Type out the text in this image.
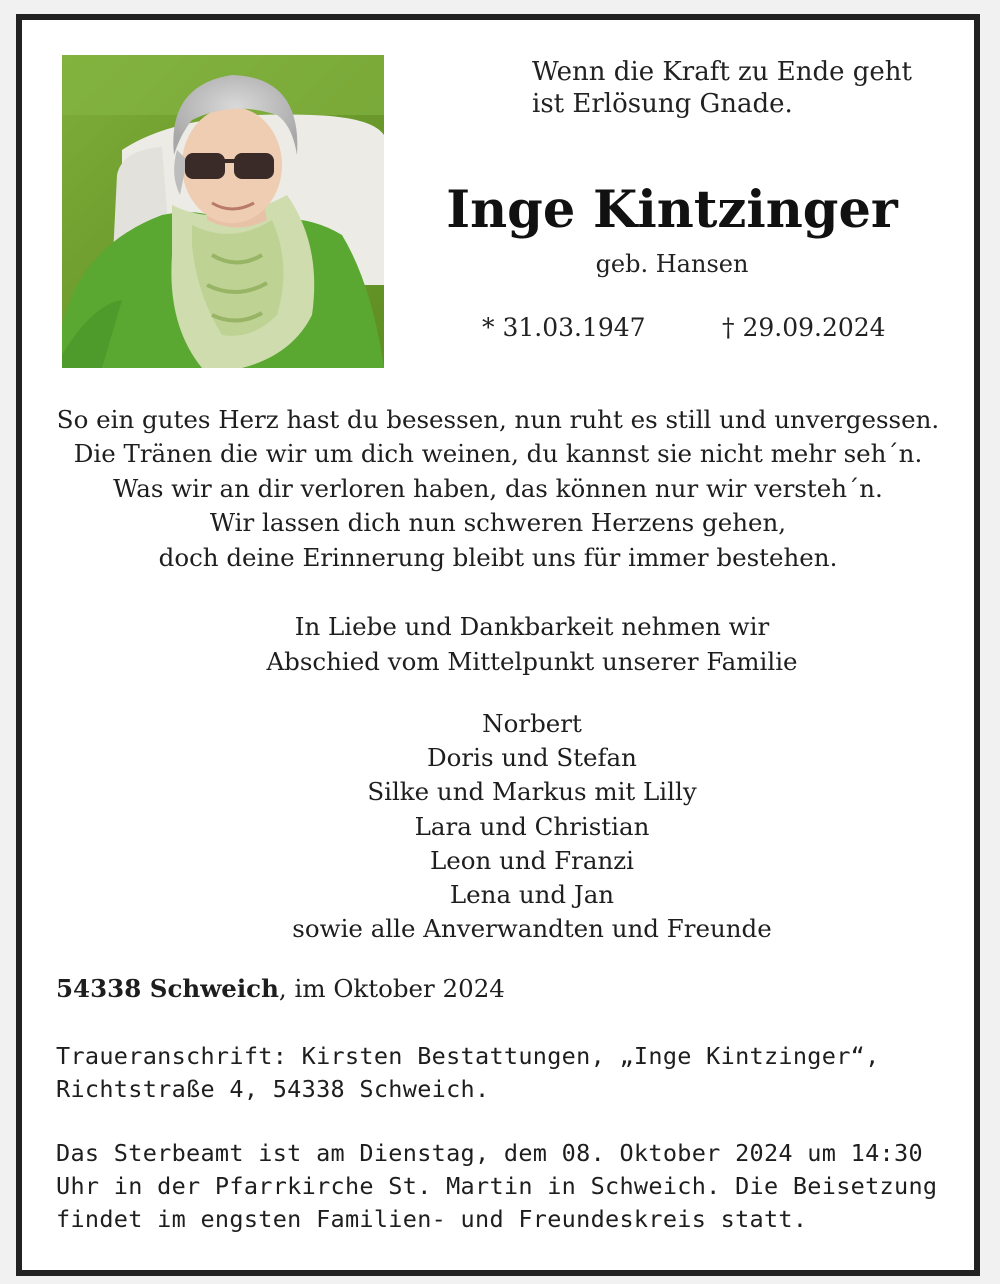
Wenn die Kraft zu Ende geht
ist Erlösung Gnade.
Inge Kintzinger
geb. Hansen
* 31.03.1947	† 29.09.2024
So ein gutes Herz hast du besessen, nun ruht es still und unvergessen.
Die Tränen die wir um dich weinen, du kannst sie nicht mehr seh´n.
Was wir an dir verloren haben, das können nur wir versteh´n.
Wir lassen dich nun schweren Herzens gehen,
doch deine Erinnerung bleibt uns für immer bestehen.
In Liebe und Dankbarkeit nehmen wir
Abschied vom Mittelpunkt unserer Familie
Norbert
Doris und Stefan
Silke und Markus mit Lilly
Lara und Christian
Leon und Franzi
Lena und Jan
sowie alle Anverwandten und Freunde
54338 Schweich, im Oktober 2024
Traueranschrift: Kirsten Bestattungen, „Inge Kintzinger“,
Richtstraße 4, 54338 Schweich.
Das Sterbeamt ist am Dienstag, dem 08. Oktober 2024 um 14:30
Uhr in der Pfarrkirche St. Martin in Schweich. Die Beisetzung
findet im engsten Familien- und Freundeskreis statt.
